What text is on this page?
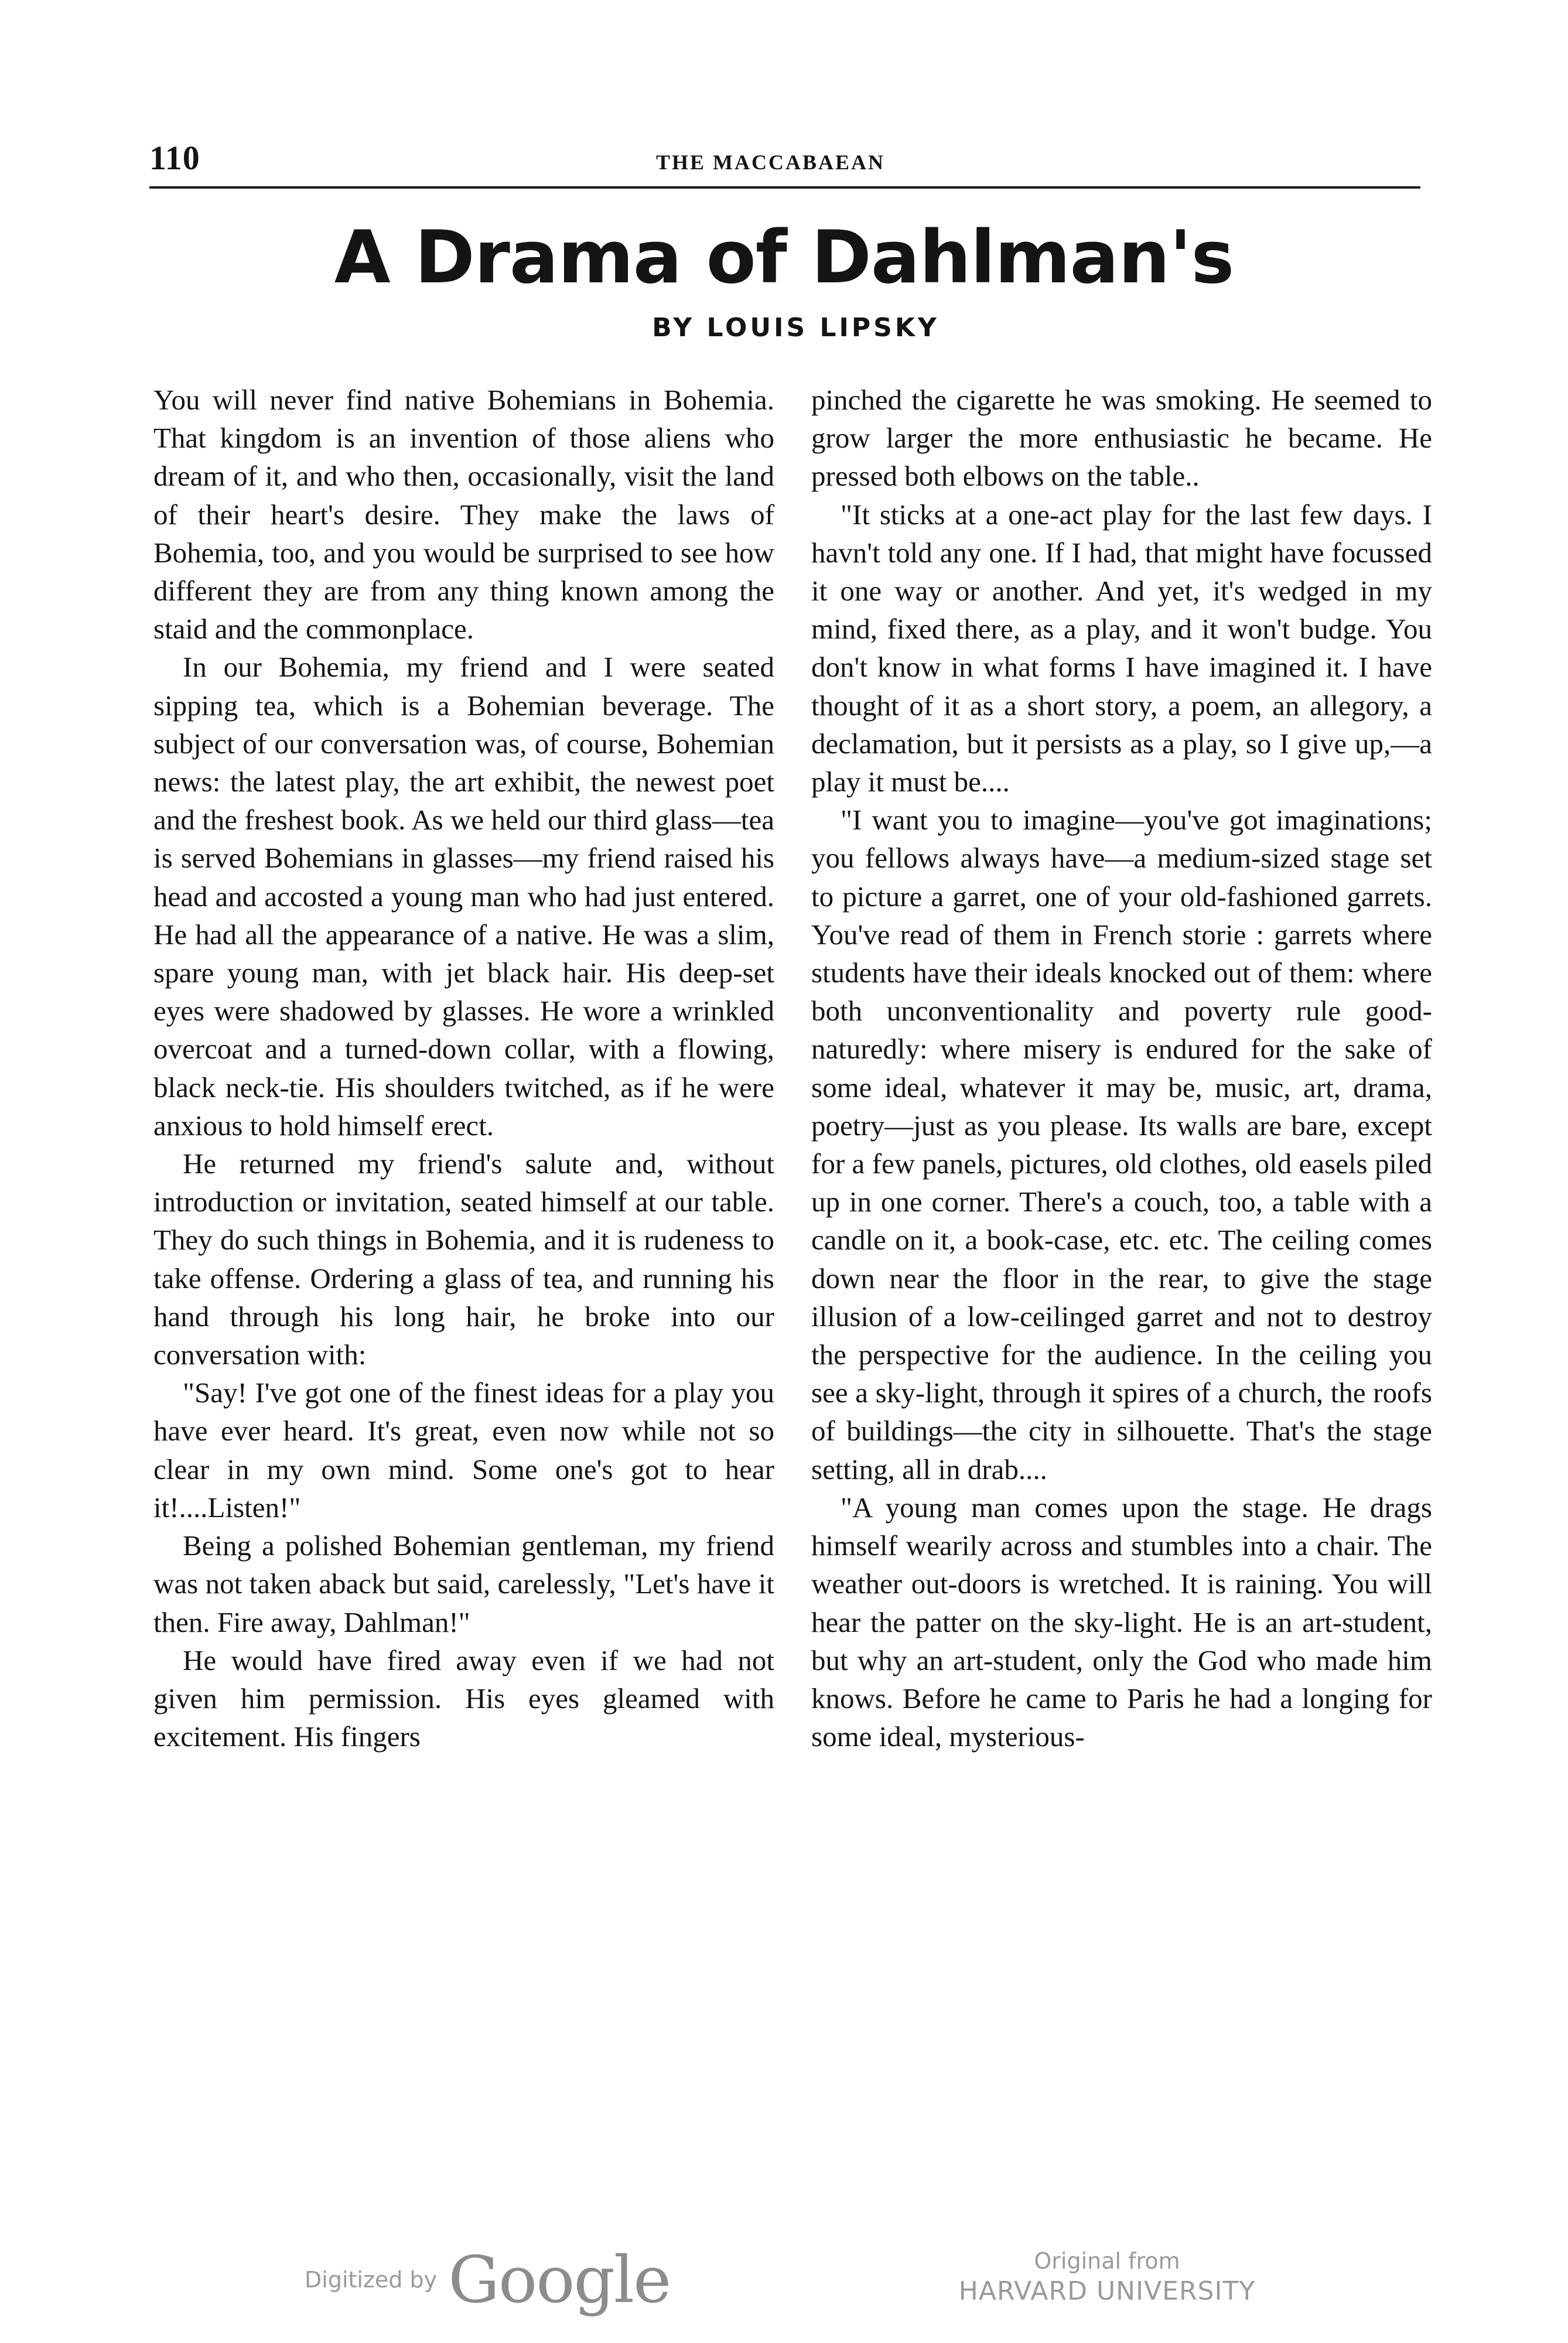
110	THE MACCABAEAN
A Drama of Dahlman's
BY LOUIS LIPSKY

You will never find native Bohemians in Bohemia. That kingdom is an invention of those aliens who dream of it, and who then, occasionally, visit the land of their heart's desire. They make the laws of Bohemia, too, and you would be surprised to see how different they are from any thing known among the staid and the commonplace.

In our Bohemia, my friend and I were seated sipping tea, which is a Bohemian beverage. The subject of our conversation was, of course, Bohemian news: the latest play, the art exhibit, the newest poet and the freshest book. As we held our third glass—tea is served Bohemians in glasses—my friend raised his head and accosted a young man who had just entered. He had all the appearance of a native. He was a slim, spare young man, with jet black hair. His deep-set eyes were shadowed by glasses. He wore a wrinkled overcoat and a turned-down collar, with a flowing, black neck-tie. His shoulders twitched, as if he were anxious to hold himself erect.

He returned my friend's salute and, without introduction or invitation, seated himself at our table. They do such things in Bohemia, and it is rudeness to take offense. Ordering a glass of tea, and running his hand through his long hair, he broke into our conversation with:

"Say! I've got one of the finest ideas for a play you have ever heard. It's great, even now while not so clear in my own mind. Some one's got to hear it!....Listen!"

Being a polished Bohemian gentleman, my friend was not taken aback but said, carelessly, "Let's have it then. Fire away, Dahlman!"

He would have fired away even if we had not given him permission. His eyes gleamed with excitement. His fingers

pinched the cigarette he was smoking. He seemed to grow larger the more enthusiastic he became. He pressed both elbows on the table..

"It sticks at a one-act play for the last few days. I havn't told any one. If I had, that might have focussed it one way or another. And yet, it's wedged in my mind, fixed there, as a play, and it won't budge. You don't know in what forms I have imagined it. I have thought of it as a short story, a poem, an allegory, a declamation, but it persists as a play, so I give up,—a play it must be....

"I want you to imagine—you've got imaginations; you fellows always have—a medium-sized stage set to picture a garret, one of your old-fashioned garrets. You've read of them in French storie : garrets where students have their ideals knocked out of them: where both unconventionality and poverty rule good-naturedly: where misery is endured for the sake of some ideal, whatever it may be, music, art, drama, poetry—just as you please. Its walls are bare, except for a few panels, pictures, old clothes, old easels piled up in one corner. There's a couch, too, a table with a candle on it, a book-case, etc. etc. The ceiling comes down near the floor in the rear, to give the stage illusion of a low-ceilinged garret and not to destroy the perspective for the audience. In the ceiling you see a sky-light, through it spires of a church, the roofs of buildings—the city in silhouette. That's the stage setting, all in drab....

"A young man comes upon the stage. He drags himself wearily across and stumbles into a chair. The weather out-doors is wretched. It is raining. You will hear the patter on the sky-light. He is an art-student, but why an art-student, only the God who made him knows. Before he came to Paris he had a longing for some ideal, mysterious-

Digitized by Google	Original from
HARVARD UNIVERSITY
